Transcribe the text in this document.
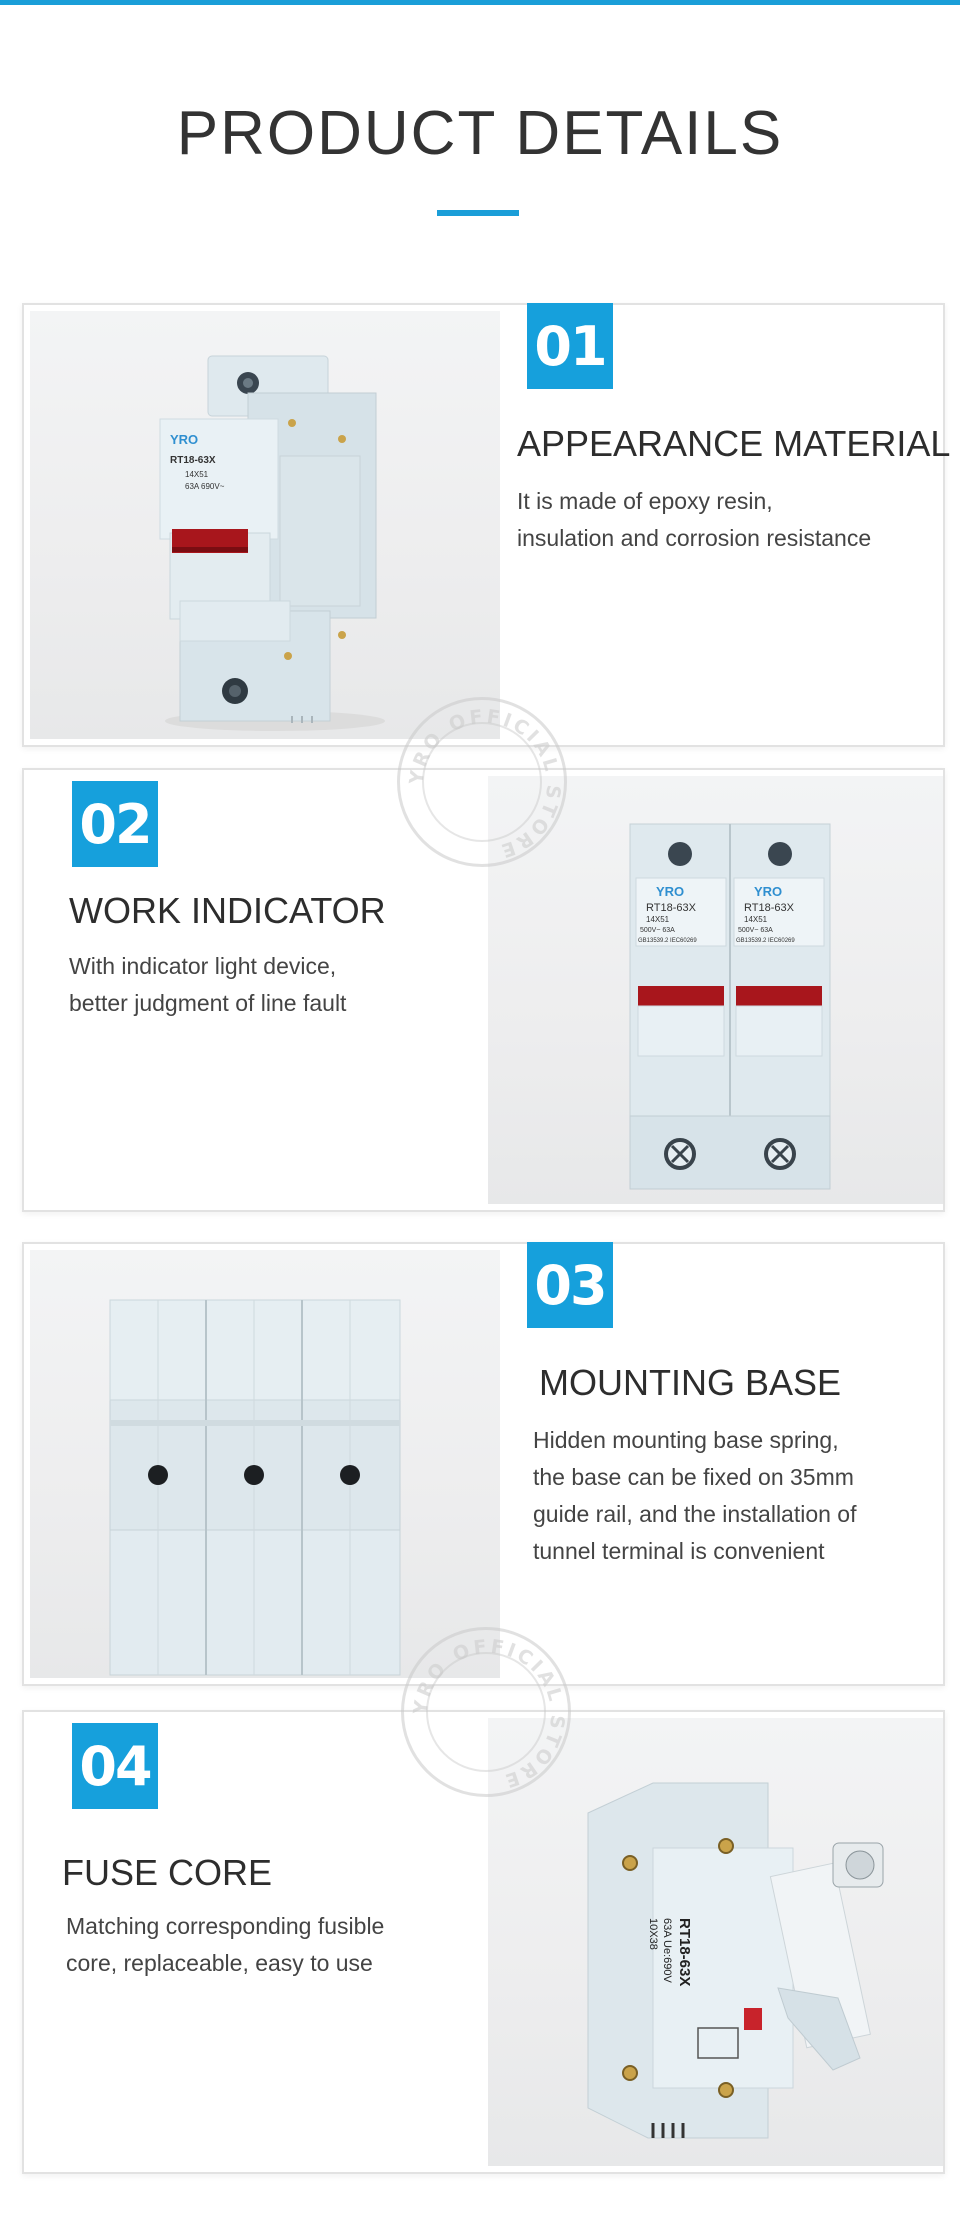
PRODUCT DETAILS
YRO
RT18-63X
14X51
63A 690V~
01
APPEARANCE MATERIAL
It is made of epoxy resin,
insulation and corrosion resistance
02
WORK INDICATOR
With indicator light device,
better judgment of line fault
YRO	YRO
RT18-63X	RT18-63X
14X51	14X51
500V~ 63A	500V~ 63A
GB13539.2 IEC60269	GB13539.2 IEC60269
03
MOUNTING BASE
Hidden mounting base spring,
the base can be fixed on 35mm
guide rail, and the installation of
tunnel terminal is convenient
04
FUSE CORE
Matching corresponding fusible
core, replaceable, easy to use	RT18-63X
63A Ue:690V
10X38
YRO OFFICIAL STORE
YRO OFFICIAL STORE
